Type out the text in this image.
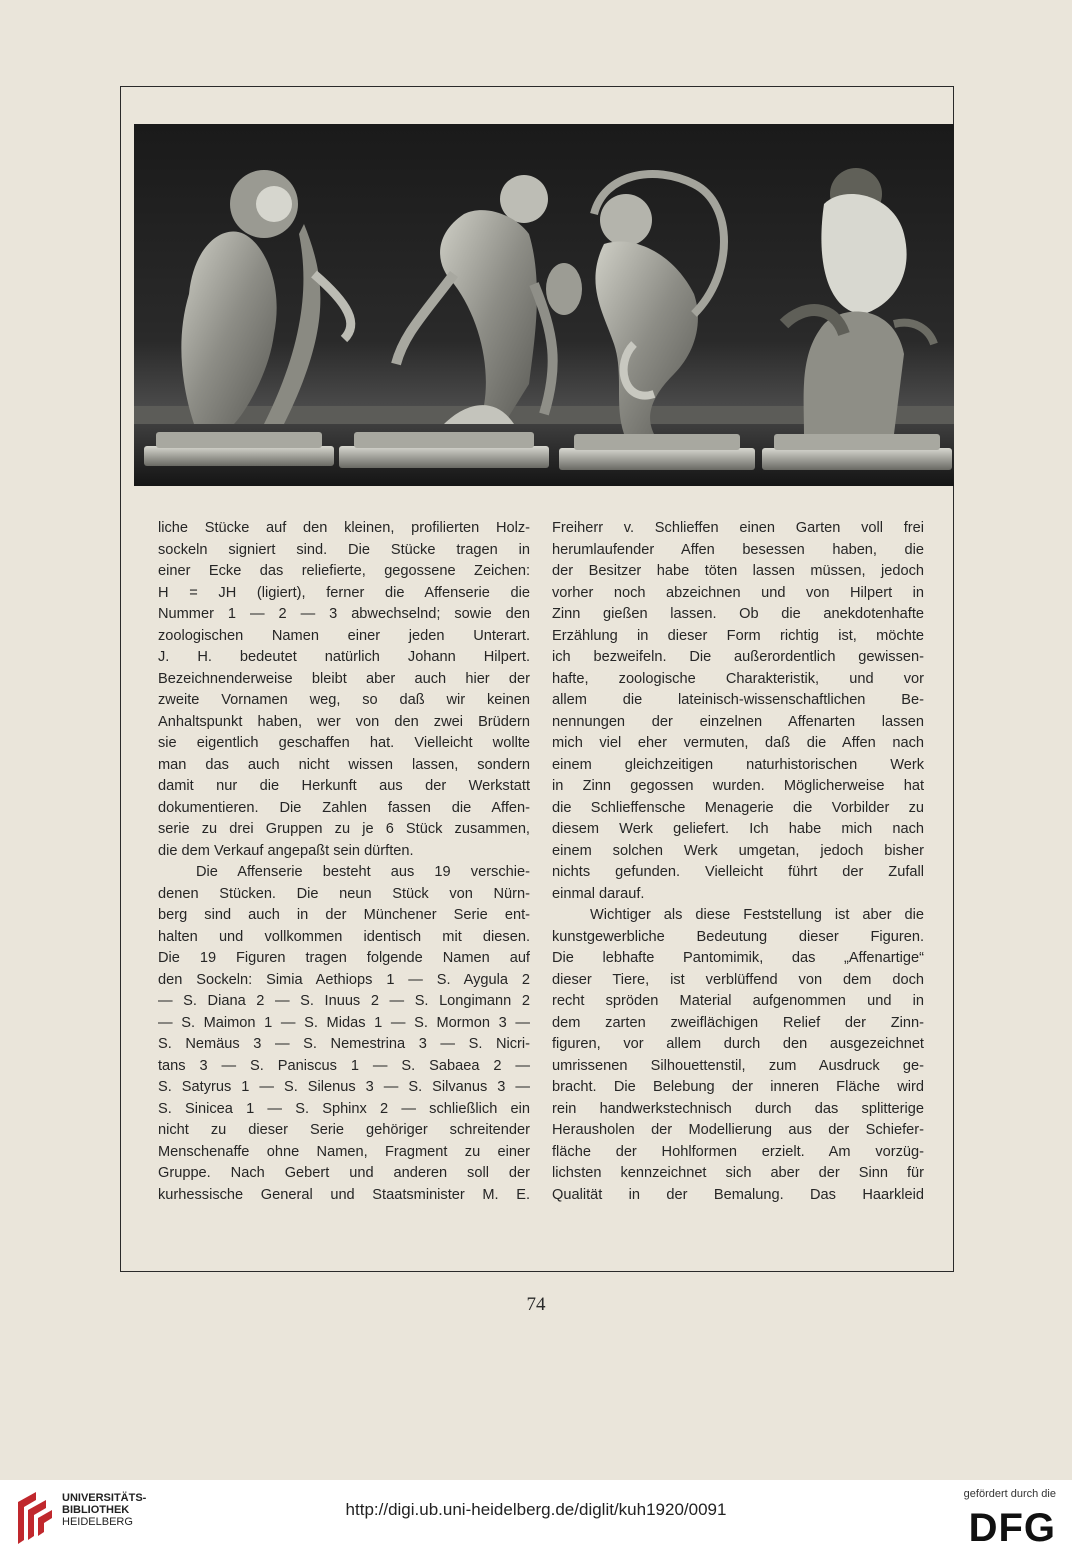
liche Stücke auf den kleinen, profilierten Holz-
sockeln signiert sind. Die Stücke tragen in
einer Ecke das reliefierte, gegossene Zeichen:
H = JH (ligiert), ferner die Affenserie die
Nummer 1 — 2 — 3 abwechselnd; sowie den
zoologischen Namen einer jeden Unterart.
J. H. bedeutet natürlich Johann Hilpert.
Bezeichnenderweise bleibt aber auch hier der
zweite Vornamen weg, so daß wir keinen
Anhaltspunkt haben, wer von den zwei Brüdern
sie eigentlich geschaffen hat. Vielleicht wollte
man das auch nicht wissen lassen, sondern
damit nur die Herkunft aus der Werkstatt
dokumentieren. Die Zahlen fassen die Affen-
serie zu drei Gruppen zu je 6 Stück zusammen,
die dem Verkauf angepaßt sein dürften.
Die Affenserie besteht aus 19 verschie-
denen Stücken. Die neun Stück von Nürn-
berg sind auch in der Münchener Serie ent-
halten und vollkommen identisch mit diesen.
Die 19 Figuren tragen folgende Namen auf
den Sockeln: Simia Aethiops 1 — S. Aygula 2
— S. Diana 2 — S. Inuus 2 — S. Longimann 2
— S. Maimon 1 — S. Midas 1 — S. Mormon 3 —
S. Nemäus 3 — S. Nemestrina 3 — S. Nicri-
tans 3 — S. Paniscus 1 — S. Sabaea 2 —
S. Satyrus 1 — S. Silenus 3 — S. Silvanus 3 —
S. Sinicea 1 — S. Sphinx 2 — schließlich ein
nicht zu dieser Serie gehöriger schreitender
Menschenaffe ohne Namen, Fragment zu einer
Gruppe. Nach Gebert und anderen soll der
kurhessische General und Staatsminister M. E.
Freiherr v. Schlieffen einen Garten voll frei
herumlaufender Affen besessen haben, die
der Besitzer habe töten lassen müssen, jedoch
vorher noch abzeichnen und von Hilpert in
Zinn gießen lassen. Ob die anekdotenhafte
Erzählung in dieser Form richtig ist, möchte
ich bezweifeln. Die außerordentlich gewissen-
hafte, zoologische Charakteristik, und vor
allem die lateinisch-wissenschaftlichen Be-
nennungen der einzelnen Affenarten lassen
mich viel eher vermuten, daß die Affen nach
einem gleichzeitigen naturhistorischen Werk
in Zinn gegossen wurden. Möglicherweise hat
die Schlieffensche Menagerie die Vorbilder zu
diesem Werk geliefert. Ich habe mich nach
einem solchen Werk umgetan, jedoch bisher
nichts gefunden. Vielleicht führt der Zufall
einmal darauf.
Wichtiger als diese Feststellung ist aber die
kunstgewerbliche Bedeutung dieser Figuren.
Die lebhafte Pantomimik, das „Affenartige“
dieser Tiere, ist verblüffend von dem doch
recht spröden Material aufgenommen und in
dem zarten zweiflächigen Relief der Zinn-
figuren, vor allem durch den ausgezeichnet
umrissenen Silhouettenstil, zum Ausdruck ge-
bracht. Die Belebung der inneren Fläche wird
rein handwerkstechnisch durch das splitterige
Herausholen der Modellierung aus der Schiefer-
fläche der Hohlformen erzielt. Am vorzüg-
lichsten kennzeichnet sich aber der Sinn für
Qualität in der Bemalung. Das Haarkleid
74
UNIVERSITÄTS-
BIBLIOTHEK
HEIDELBERG
http://digi.ub.uni-heidelberg.de/diglit/kuh1920/0091
gefördert durch die
DFG
